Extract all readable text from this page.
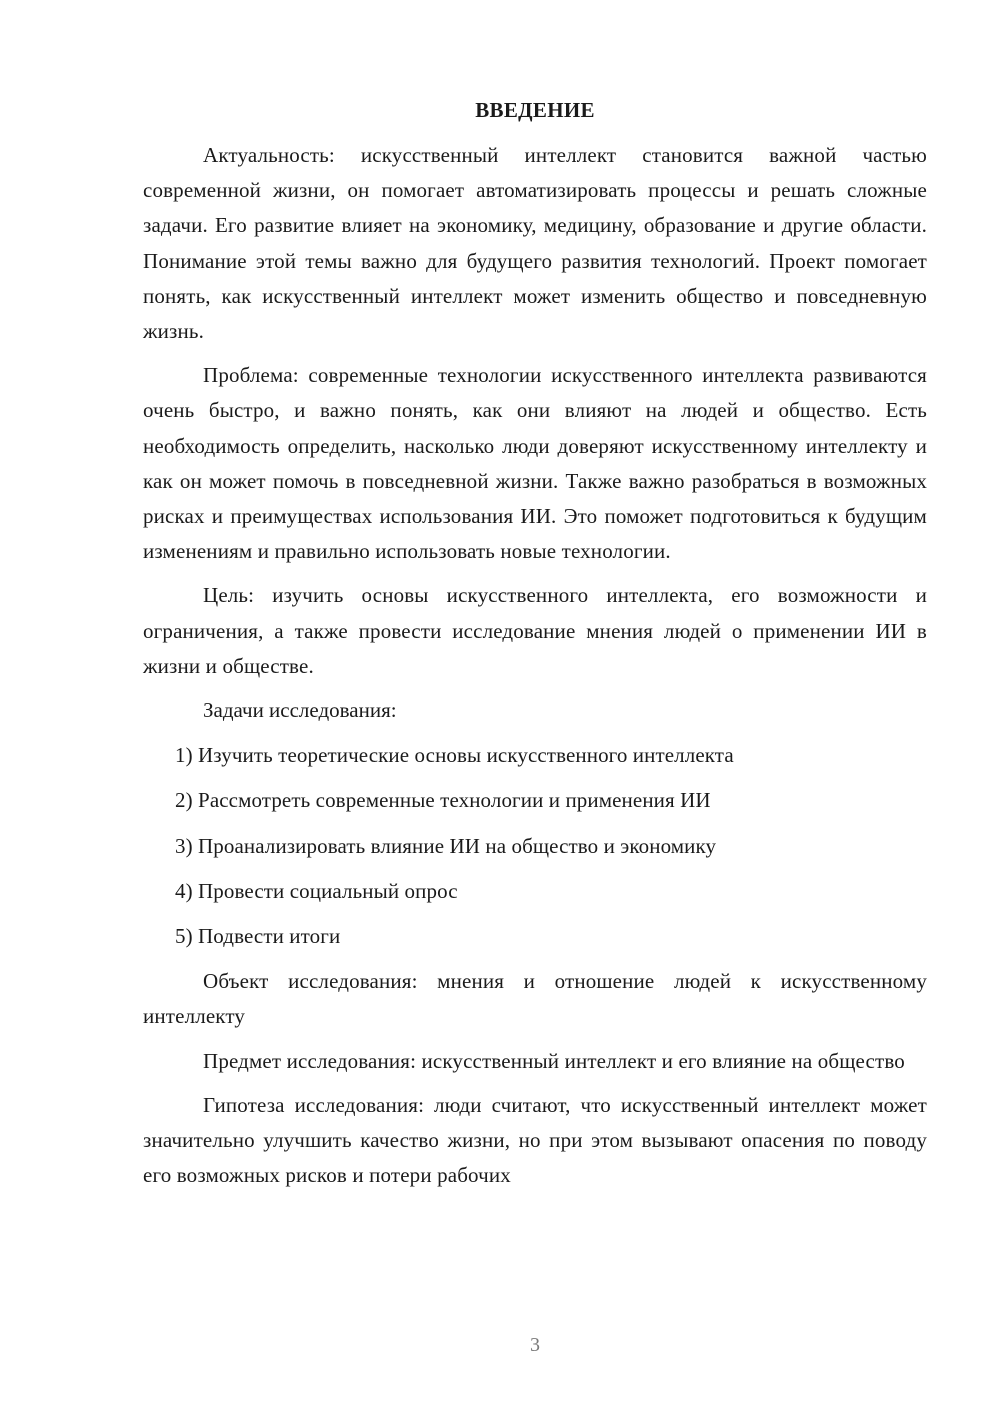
ВВЕДЕНИЕ

Актуальность: искусственный интеллект становится важной частью современной жизни, он помогает автоматизировать процессы и решать сложные задачи. Его развитие влияет на экономику, медицину, образование и другие области. Понимание этой темы важно для будущего развития технологий. Проект помогает понять, как искусственный интеллект может изменить общество и повседневную жизнь.

Проблема: современные технологии искусственного интеллекта развиваются очень быстро, и важно понять, как они влияют на людей и общество. Есть необходимость определить, насколько люди доверяют искусственному интеллекту и как он может помочь в повседневной жизни. Также важно разобраться в возможных рисках и преимуществах использования ИИ. Это поможет подготовиться к будущим изменениям и правильно использовать новые технологии.

Цель: изучить основы искусственного интеллекта, его возможности и ограничения, а также провести исследование мнения людей о применении ИИ в жизни и обществе.

Задачи исследования:

1) Изучить теоретические основы искусственного интеллекта
2) Рассмотреть современные технологии и применения ИИ
3) Проанализировать влияние ИИ на общество и экономику
4) Провести социальный опрос
5) Подвести итоги

Объект исследования: мнения и отношение людей к искусственному интеллекту

Предмет исследования: искусственный интеллект и его влияние на общество

Гипотеза исследования: люди считают, что искусственный интеллект может значительно улучшить качество жизни, но при этом вызывают опасения по поводу его возможных рисков и потери рабочих

3
